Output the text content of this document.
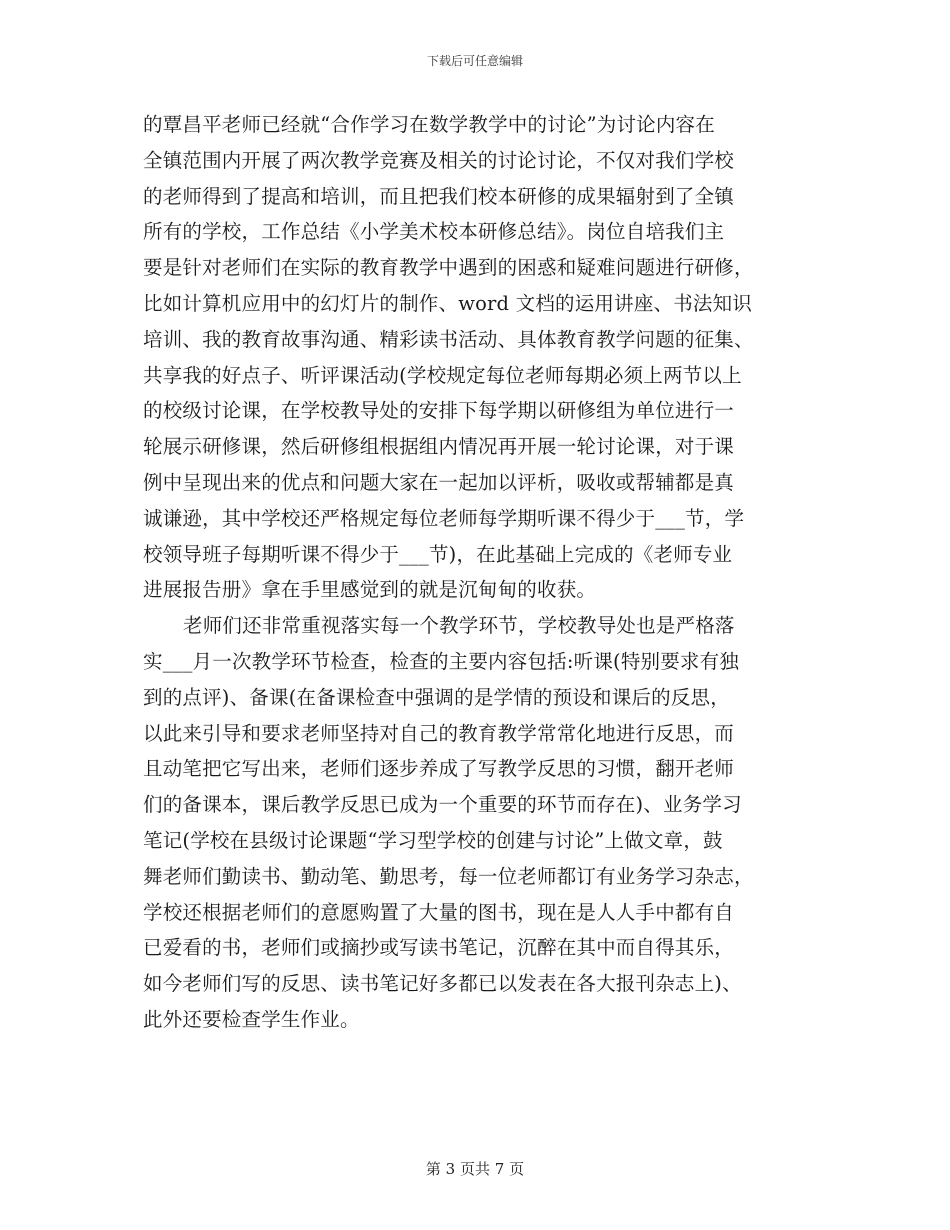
下载后可任意编辑
的覃昌平老师已经就“合作学习在数学教学中的讨论”为讨论内容在
全镇范围内开展了两次教学竞赛及相关的讨论讨论，不仅对我们学校
的老师得到了提高和培训，而且把我们校本研修的成果辐射到了全镇
所有的学校，工作总结《小学美术校本研修总结》。岗位自培我们主
要是针对老师们在实际的教育教学中遇到的困惑和疑难问题进行研修，
比如计算机应用中的幻灯片的制作、word 文档的运用讲座、书法知识
培训、我的教育故事沟通、精彩读书活动、具体教育教学问题的征集、
共享我的好点子、听评课活动(学校规定每位老师每期必须上两节以上
的校级讨论课，在学校教导处的安排下每学期以研修组为单位进行一
轮展示研修课，然后研修组根据组内情况再开展一轮讨论课，对于课
例中呈现出来的优点和问题大家在一起加以评析，吸收或帮辅都是真
诚谦逊，其中学校还严格规定每位老师每学期听课不得少于___节，学
校领导班子每期听课不得少于___节)，在此基础上完成的《老师专业
进展报告册》拿在手里感觉到的就是沉甸甸的收获。
老师们还非常重视落实每一个教学环节，学校教导处也是严格落
实___月一次教学环节检查，检查的主要内容包括:听课(特别要求有独
到的点评)、备课(在备课检查中强调的是学情的预设和课后的反思，
以此来引导和要求老师坚持对自己的教育教学常常化地进行反思，而
且动笔把它写出来，老师们逐步养成了写教学反思的习惯，翻开老师
们的备课本，课后教学反思已成为一个重要的环节而存在)、业务学习
笔记(学校在县级讨论课题“学习型学校的创建与讨论”上做文章，鼓
舞老师们勤读书、勤动笔、勤思考，每一位老师都订有业务学习杂志，
学校还根据老师们的意愿购置了大量的图书，现在是人人手中都有自
已爱看的书，老师们或摘抄或写读书笔记，沉醉在其中而自得其乐，
如今老师们写的反思、读书笔记好多都已以发表在各大报刊杂志上)、
此外还要检查学生作业。
第 3 页共 7 页
